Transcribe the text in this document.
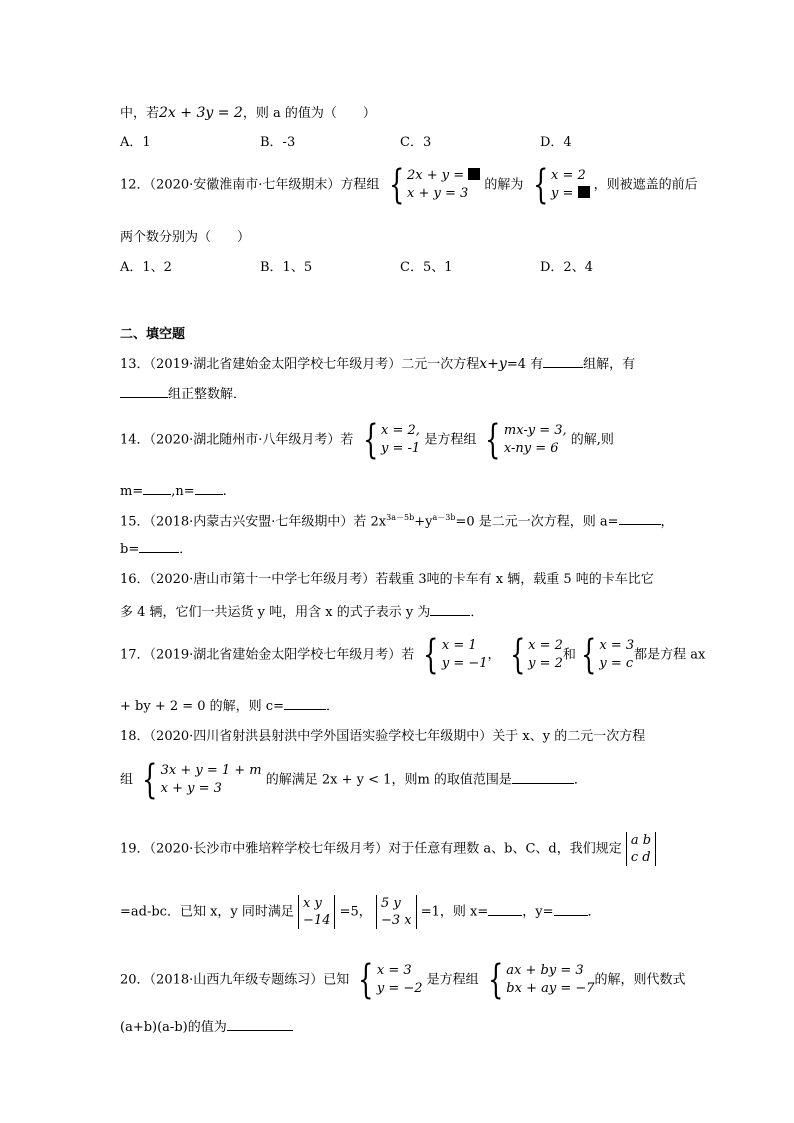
中，若2x + 3y = 2，则 a 的值为（　　）
A．1	B．-3	C．3	D．4
12．（2020·安徽淮南市·七年级期末）方程组 { 2x + y =
x + y = 3
的解为 { x = 2
y =
，则被遮盖的前后
两个数分别为（　　）
A．1、2	B．1、5	C．5、1	D．2、4
二、填空题
13．（2019·湖北省建始金太阳学校七年级月考）二元一次方程x+y=4 有	组解，有
组正整数解．
14．（2020·湖北随州市·八年级月考）若 { x = 2,
y = -1
是方程组 { mx-y = 3,
x-ny = 6
的解,则
m= ,n= .
15．（2018·内蒙古兴安盟·七年级期中）若 $2x^{3a-5b}+y^{a-3b}=0$ 是二元一次方程，则 a=	，
b=	．
16．（2020·唐山市第十一中学七年级月考）若载重 3吨的卡车有 x 辆，载重 5 吨的卡车比它
多 4 辆，它们一共运货 y 吨，用含 x 的式子表示 y 为	．
17．（2019·湖北省建始金太阳学校七年级月考）若 { x = 1
y = −1
， { x = 2
y = 2
和 { x = 3
y = c
都是方程 ax
+ by + 2 = 0 的解，则 c=	．
18．（2020·四川省射洪县射洪中学外国语实验学校七年级期中）关于 x、y 的二元一次方程
组 { 3x + y = 1 + m
x + y = 3
的解满足 2x + y < 1，则m 的取值范围是	．
19．（2020·长沙市中雅培粹学校七年级月考）对于任意有理数 a、b、C、d，我们规定
a b
c d
=ad-bc．已知 x，y 同时满足
x y
−14
=5，
5 y
−3 x
=1，则 x=	，y=	．
20．（2018·山西九年级专题练习）已知 { x = 3
y = −2
是方程组 { ax + by = 3
bx + ay = −7
的解，则代数式
(a+b)(a-b)的值为
